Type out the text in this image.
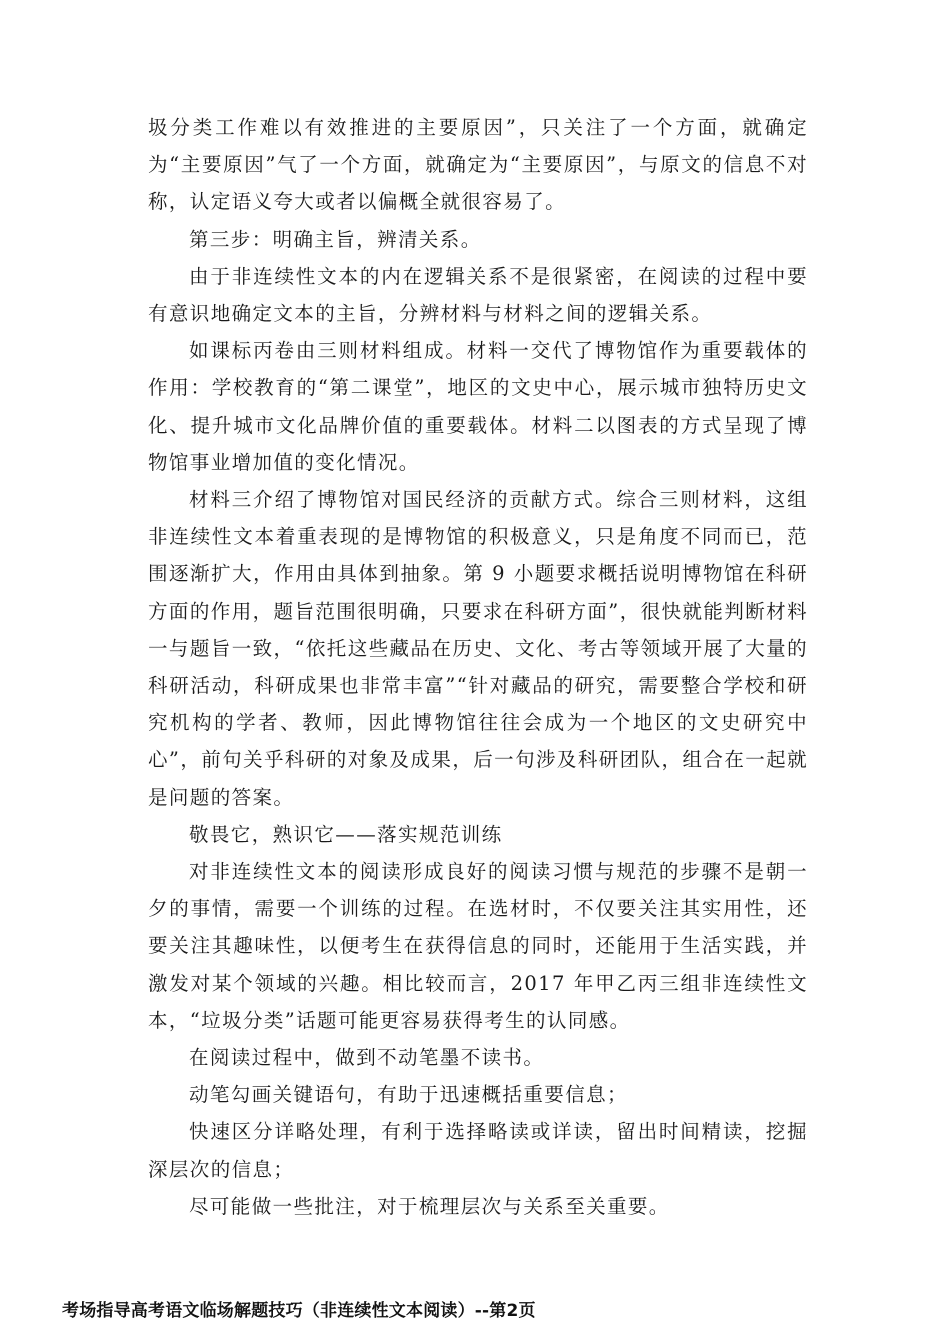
圾分类工作难以有效推进的主要原因”，只关注了一个方面，就确定为“主要原因”气了一个方面，就确定为“主要原因”，与原文的信息不对称，认定语义夸大或者以偏概全就很容易了。

第三步：明确主旨，辨清关系。

由于非连续性文本的内在逻辑关系不是很紧密，在阅读的过程中要有意识地确定文本的主旨，分辨材料与材料之间的逻辑关系。

如课标丙卷由三则材料组成。材料一交代了博物馆作为重要载体的作用：学校教育的“第二课堂”，地区的文史中心，展示城市独特历史文化、提升城市文化品牌价值的重要载体。材料二以图表的方式呈现了博物馆事业增加值的变化情况。

材料三介绍了博物馆对国民经济的贡献方式。综合三则材料，这组非连续性文本着重表现的是博物馆的积极意义，只是角度不同而已，范围逐渐扩大，作用由具体到抽象。第 9 小题要求概括说明博物馆在科研方面的作用，题旨范围很明确，只要求在科研方面”，很快就能判断材料一与题旨一致，“依托这些藏品在历史、文化、考古等领域开展了大量的科研活动，科研成果也非常丰富”“针对藏品的研究，需要整合学校和研究机构的学者、教师，因此博物馆往往会成为一个地区的文史研究中心”，前句关乎科研的对象及成果，后一句涉及科研团队，组合在一起就是问题的答案。

敬畏它，熟识它——落实规范训练

对非连续性文本的阅读形成良好的阅读习惯与规范的步骤不是朝一夕的事情，需要一个训练的过程。在选材时，不仅要关注其实用性，还要关注其趣味性，以便考生在获得信息的同时，还能用于生活实践，并激发对某个领域的兴趣。相比较而言，2017 年甲乙丙三组非连续性文本，“垃圾分类”话题可能更容易获得考生的认同感。

在阅读过程中，做到不动笔墨不读书。

动笔勾画关键语句，有助于迅速概括重要信息；

快速区分详略处理，有利于选择略读或详读，留出时间精读，挖掘深层次的信息；

尽可能做一些批注，对于梳理层次与关系至关重要。

考场指导高考语文临场解题技巧（非连续性文本阅读）--第2页
